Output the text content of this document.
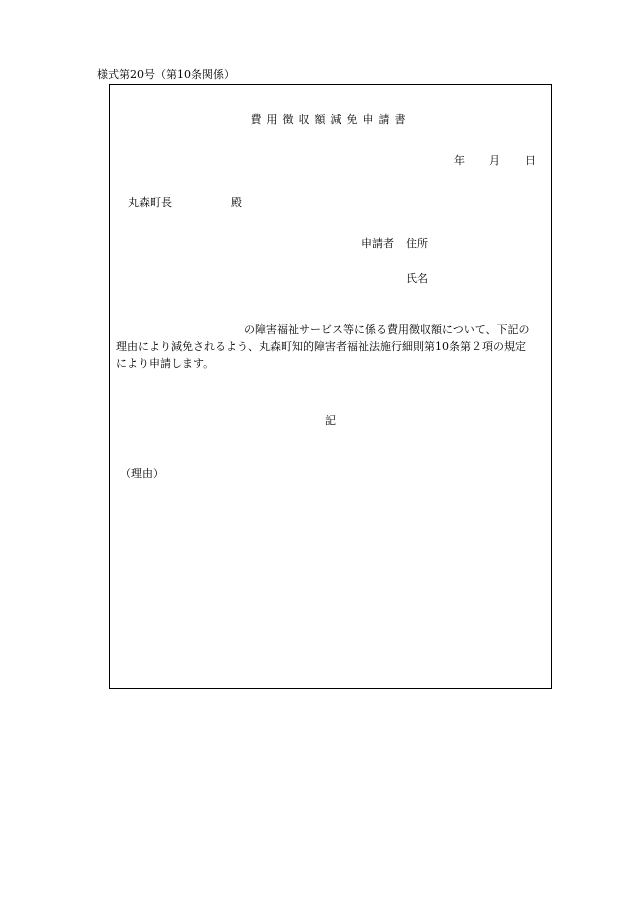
様式第20号（第10条関係）
費用徴収額減免申請書
年 月 日
丸森町長	殿
申請者 住所
氏名
の障害福祉サービス等に係る費用徴収額について、下記の
理由により減免されるよう、丸森町知的障害者福祉法施行細則第10条第２項の規定
により申請します。
記
（理由）
